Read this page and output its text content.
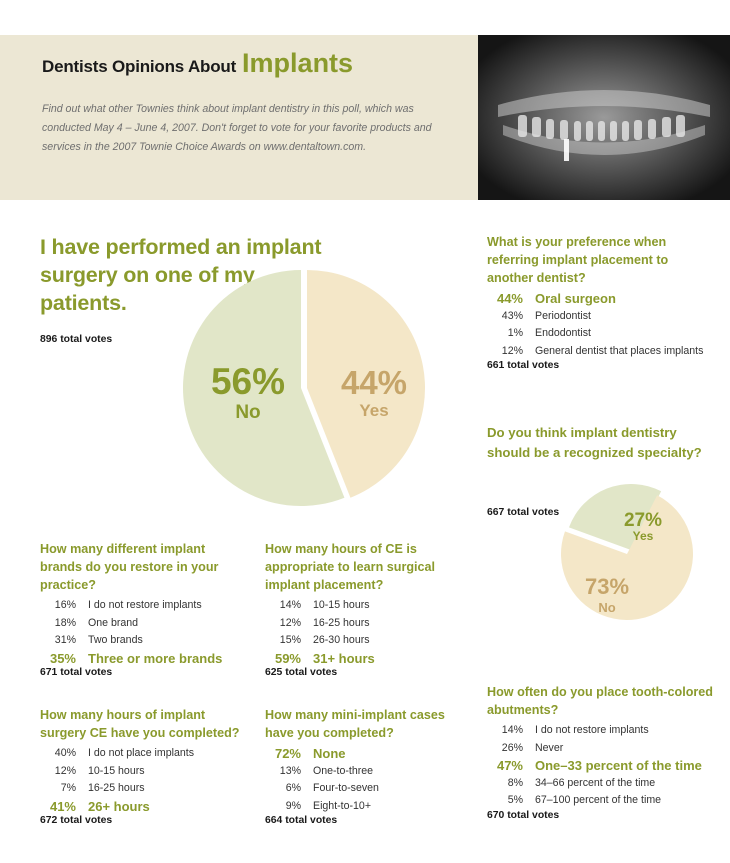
Dentists Opinions About Implants
Find out what other Townies think about implant dentistry in this poll, which was conducted May 4 – June 4, 2007. Don't forget to vote for your favorite products and services in the 2007 Townie Choice Awards on www.dentaltown.com.
I have performed an implant surgery on one of my patients.
896 total votes
56%
No
44%
Yes
What is your preference when referring implant placement to another dentist?
44% Oral surgeon
43% Periodontist
1% Endodontist
12% General dentist that places implants
661 total votes
Do you think implant dentistry should be a recognized specialty?
667 total votes	27%
Yes
73%
No
How many different implant brands do you restore in your practice?
16% I do not restore implants
18% One brand
31% Two brands
35% Three or more brands
671 total votes
How many hours of CE is appropriate to learn surgical implant placement?
14% 10-15 hours
12% 16-25 hours
15% 26-30 hours
59% 31+ hours
625 total votes
How many hours of implant surgery CE have you completed?
40% I do not place implants
12% 10-15 hours
7% 16-25 hours
41% 26+ hours
672 total votes
How many mini-implant cases have you completed?
72% None
13% One-to-three
6% Four-to-seven
9% Eight-to-10+
664 total votes
How often do you place tooth-colored abutments?
14% I do not restore implants
26% Never
47% One–33 percent of the time
8% 34–66 percent of the time
5% 67–100 percent of the time
670 total votes
